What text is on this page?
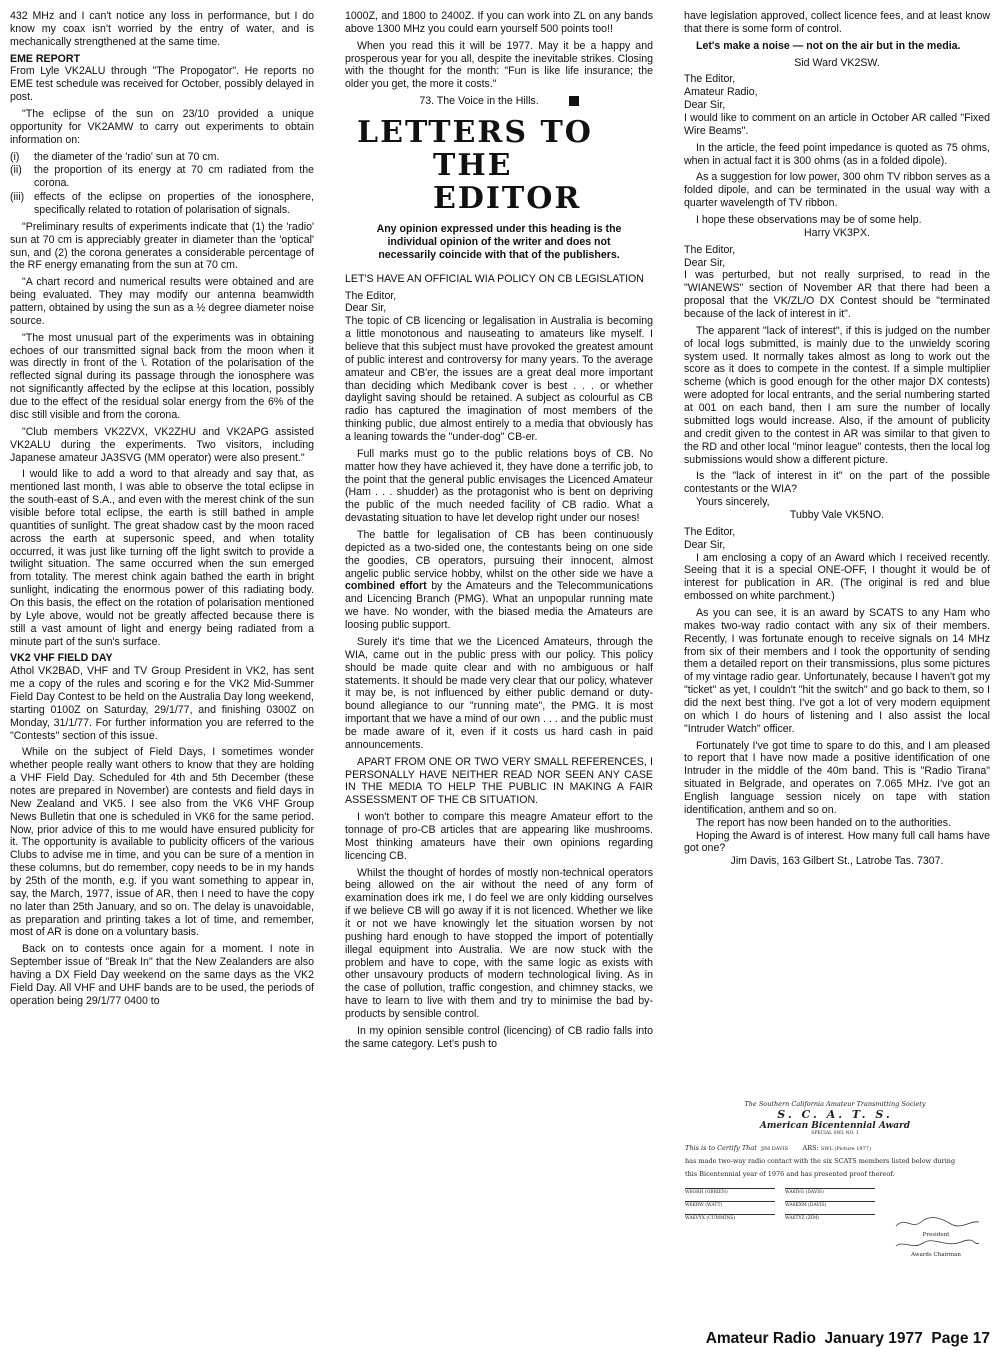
432 MHz and I can't notice any loss in performance, but I do know my coax isn't worried by the entry of water, and is mechanically strengthened at the same time.

EME REPORT

From Lyle VK2ALU through "The Propogator". He reports no EME test schedule was received for October, possibly delayed in post.

"The eclipse of the sun on 23/10 provided a unique opportunity for VK2AMW to carry out experiments to obtain information on:

(i)	the diameter of the 'radio' sun at 70 cm.
(ii)	the proportion of its energy at 70 cm radiated from the corona.
(iii) effects of the eclipse on properties of the ionosphere, specifically related to rotation of polarisation of signals.

"Preliminary results of experiments indicate that (1) the 'radio' sun at 70 cm is appreciably greater in diameter than the 'optical' sun, and (2) the corona generates a considerable percentage of the RF energy emanating from the sun at 70 cm.

"A chart record and numerical results were obtained and are being evaluated. They may modify our antenna beamwidth pattern, obtained by using the sun as a ½ degree diameter noise source.

"The most unusual part of the experiments was in obtaining echoes of our transmitted signal back from the moon when it was directly in front of the \. Rotation of the polarisation of the reflected signal during its passage through the ionosphere was not significantly affected by the eclipse at this location, possibly due to the effect of the residual solar energy from the 6% of the disc still visible and from the corona.

"Club members VK2ZVX, VK2ZHU and VK2APG assisted VK2ALU during the experiments. Two visitors, including Japanese amateur JA3SVG (MM operator) were also present."

I would like to add a word to that already and say that, as mentioned last month, I was able to observe the total eclipse in the south-east of S.A., and even with the merest chink of the sun visible before total eclipse, the earth is still bathed in ample quantities of sunlight. The great shadow cast by the moon raced across the earth at supersonic speed, and when totality occurred, it was just like turning off the light switch to provide a twilight situation. The same occurred when the sun emerged from totality. The merest chink again bathed the earth in bright sunlight, indicating the enormous power of this radiating body. On this basis, the effect on the rotation of polarisation mentioned by Lyle above, would not be greatly affected because there is still a vast amount of light and energy being radiated from a minute part of the sun's surface.

VK2 VHF FIELD DAY

Athol VK2BAD, VHF and TV Group President in VK2, has sent me a copy of the rules and scoring e for the VK2 Mid-Summer Field Day Contest to be held on the Australia Day long weekend, starting 0100Z on Saturday, 29/1/77, and finishing 0300Z on Monday, 31/1/77. For further information you are referred to the "Contests" section of this issue.

While on the subject of Field Days, I sometimes wonder whether people really want others to know that they are holding a VHF Field Day. Scheduled for 4th and 5th December (these notes are prepared in November) are contests and field days in New Zealand and VK5. I see also from the VK6 VHF Group News Bulletin that one is scheduled in VK6 for the same period. Now, prior advice of this to me would have ensured publicity for it. The opportunity is available to publicity officers of the various Clubs to advise me in time, and you can be sure of a mention in these columns, but do remember, copy needs to be in my hands by 25th of the month, e.g. if you want something to appear in, say, the March, 1977, issue of AR, then I need to have the copy no later than 25th January, and so on. The delay is unavoidable, as preparation and printing takes a lot of time, and remember, most of AR is done on a voluntary basis.

Back on to contests once again for a moment. I note in September issue of "Break In" that the New Zealanders are also having a DX Field Day weekend on the same days as the VK2 Field Day. All VHF and UHF bands are to be used, the periods of operation being 29/1/77 0400 to

1000Z, and 1800 to 2400Z. If you can work into ZL on any bands above 1300 MHz you could earn yourself 500 points too!!

When you read this it will be 1977. May it be a happy and prosperous year for you all, despite the inevitable strikes. Closing with the thought for the month: "Fun is like life insurance; the older you get, the more it costs."

73. The Voice in the Hills.

LETTERS TO
THE EDITOR
Any opinion expressed under this heading is the individual opinion of the writer and does not necessarily coincide with that of the publishers.

LET'S HAVE AN OFFICIAL WIA POLICY ON CB LEGISLATION

The Editor,

Dear Sir,

The topic of CB licencing or legalisation in Australia is becoming a little monotonous and nauseating to amateurs like myself. I believe that this subject must have provoked the greatest amount of public interest and controversy for many years. To the average amateur and CB'er, the issues are a great deal more important than deciding which Medibank cover is best . . . or whether daylight saving should be retained. A subject as colourful as CB radio has captured the imagination of most members of the thinking public, due almost entirely to a media that obviously has a leaning towards the "under-dog" CB-er.

Full marks must go to the public relations boys of CB. No matter how they have achieved it, they have done a terrific job, to the point that the general public envisages the Licenced Amateur (Ham . . . shudder) as the protagonist who is bent on depriving the public of the much needed facility of CB radio. What a devastating situation to have let develop right under our noses!

The battle for legalisation of CB has been continuously depicted as a two-sided one, the contestants being on one side the goodies, CB operators, pursuing their innocent, almost angelic public service hobby, whilst on the other side we have a combined effort by the Amateurs and the Telecommunications and Licencing Branch (PMG). What an unpopular running mate we have. No wonder, with the biased media the Amateurs are loosing public support.

Surely it's time that we the Licenced Amateurs, through the WIA, came out in the public press with our policy. This policy should be made quite clear and with no ambiguous or half statements. It should be made very clear that our policy, whatever it may be, is not influenced by either public demand or duty-bound allegiance to our "running mate", the PMG. It is most important that we have a mind of our own . . . and the public must be made aware of it, even if it costs us hard cash in paid announcements.

APART FROM ONE OR TWO VERY SMALL REFERENCES, I PERSONALLY HAVE NEITHER READ NOR SEEN ANY CASE IN THE MEDIA TO HELP THE PUBLIC IN MAKING A FAIR ASSESSMENT OF THE CB SITUATION.

I won't bother to compare this meagre Amateur effort to the tonnage of pro-CB articles that are appearing like mushrooms. Most thinking amateurs have their own opinions regarding licencing CB.

Whilst the thought of hordes of mostly non-technical operators being allowed on the air without the need of any form of examination does irk me, I do feel we are only kidding ourselves if we believe CB will go away if it is not licenced. Whether we like it or not we have knowingly let the situation worsen by not pushing hard enough to have stopped the import of potentially illegal equipment into Australia. We are now stuck with the problem and have to cope, with the same logic as exists with other unsavoury products of modern technological living. As in the case of pollution, traffic congestion, and chimney stacks, we have to learn to live with them and try to minimise the bad by-products by sensible control.

In my opinion sensible control (licencing) of CB radio falls into the same category. Let's push to

have legislation approved, collect licence fees, and at least know that there is some form of control.

Let's make a noise — not on the air but in the media.

Sid Ward VK2SW.

The Editor,

Amateur Radio,

Dear Sir,

I would like to comment on an article in October AR called "Fixed Wire Beams".

In the article, the feed point impedance is quoted as 75 ohms, when in actual fact it is 300 ohms (as in a folded dipole).

As a suggestion for low power, 300 ohm TV ribbon serves as a folded dipole, and can be terminated in the usual way with a quarter wavelength of TV ribbon.

I hope these observations may be of some help.

Harry VK3PX.

The Editor,

Dear Sir,

I was perturbed, but not really surprised, to read in the "WIANEWS" section of November AR that there had been a proposal that the VK/ZL/O DX Contest should be "terminated because of the lack of interest in it".

The apparent "lack of interest", if this is judged on the number of local logs submitted, is mainly due to the unwieldy scoring system used. It normally takes almost as long to work out the score as it does to compete in the contest. If a simple multiplier scheme (which is good enough for the other major DX contests) were adopted for local entrants, and the serial numbering started at 001 on each band, then I am sure the number of locally submitted logs would increase. Also, if the amount of publicity and credit given to the contest in AR was similar to that given to the RD and other local "minor league" contests, then the local log submissions would show a different picture.

Is the "lack of interest in it" on the part of the possible contestants or the WIA?

Yours sincerely,

Tubby Vale VK5NO.

The Editor,

Dear Sir,

I am enclosing a copy of an Award which I received recently. Seeing that it is a special ONE-OFF, I thought it would be of interest for publication in AR. (The original is red and blue embossed on white parchment.)

As you can see, it is an award by SCATS to any Ham who makes two-way radio contact with any six of their members. Recently, I was fortunate enough to receive signals on 14 MHz from six of their members and I took the opportunity of sending them a detailed report on their transmissions, plus some pictures of my vintage radio gear. Unfortunately, because I haven't got my "ticket" as yet, I couldn't "hit the switch" and go back to them, so I did the next best thing. I've got a lot of very modern equipment on which I do hours of listening and I also assist the local "Intruder Watch" officer.

Fortunately I've got time to spare to do this, and I am pleased to report that I have now made a positive identification of one Intruder in the middle of the 40m band. This is "Radio Tirana" situated in Belgrade, and operates on 7.065 MHz. I've got an English language session nicely on tape with station identification, anthem and so on.

The report has now been handed on to the authorities.

Hoping the Award is of interest. How many full call hams have got one?

Jim Davis, 163 Gilbert St., Latrobe Tas. 7307.

The Southern California Amateur Transmitting Society
S. C. A. T. S.
American Bicentennial Award
SPECIAL SWL NO. 1
This is to Certify That JIM DAVIS ARS: SWL (Picture 1977)
has made two-way radio contact with the six SCATS members listed below during
this Bicentennial year of 1976 and has presented proof thereof.
W6GRH (OBRIEN)	WA6IVG (DAVIS)
W6KRW (WATT)	WA6KXM (DAVIS)
WA6VYX (CUMMINS)	WA6TYZ (ZIM)
President
Awards Chairman
Amateur Radio  January 1977  Page 17
